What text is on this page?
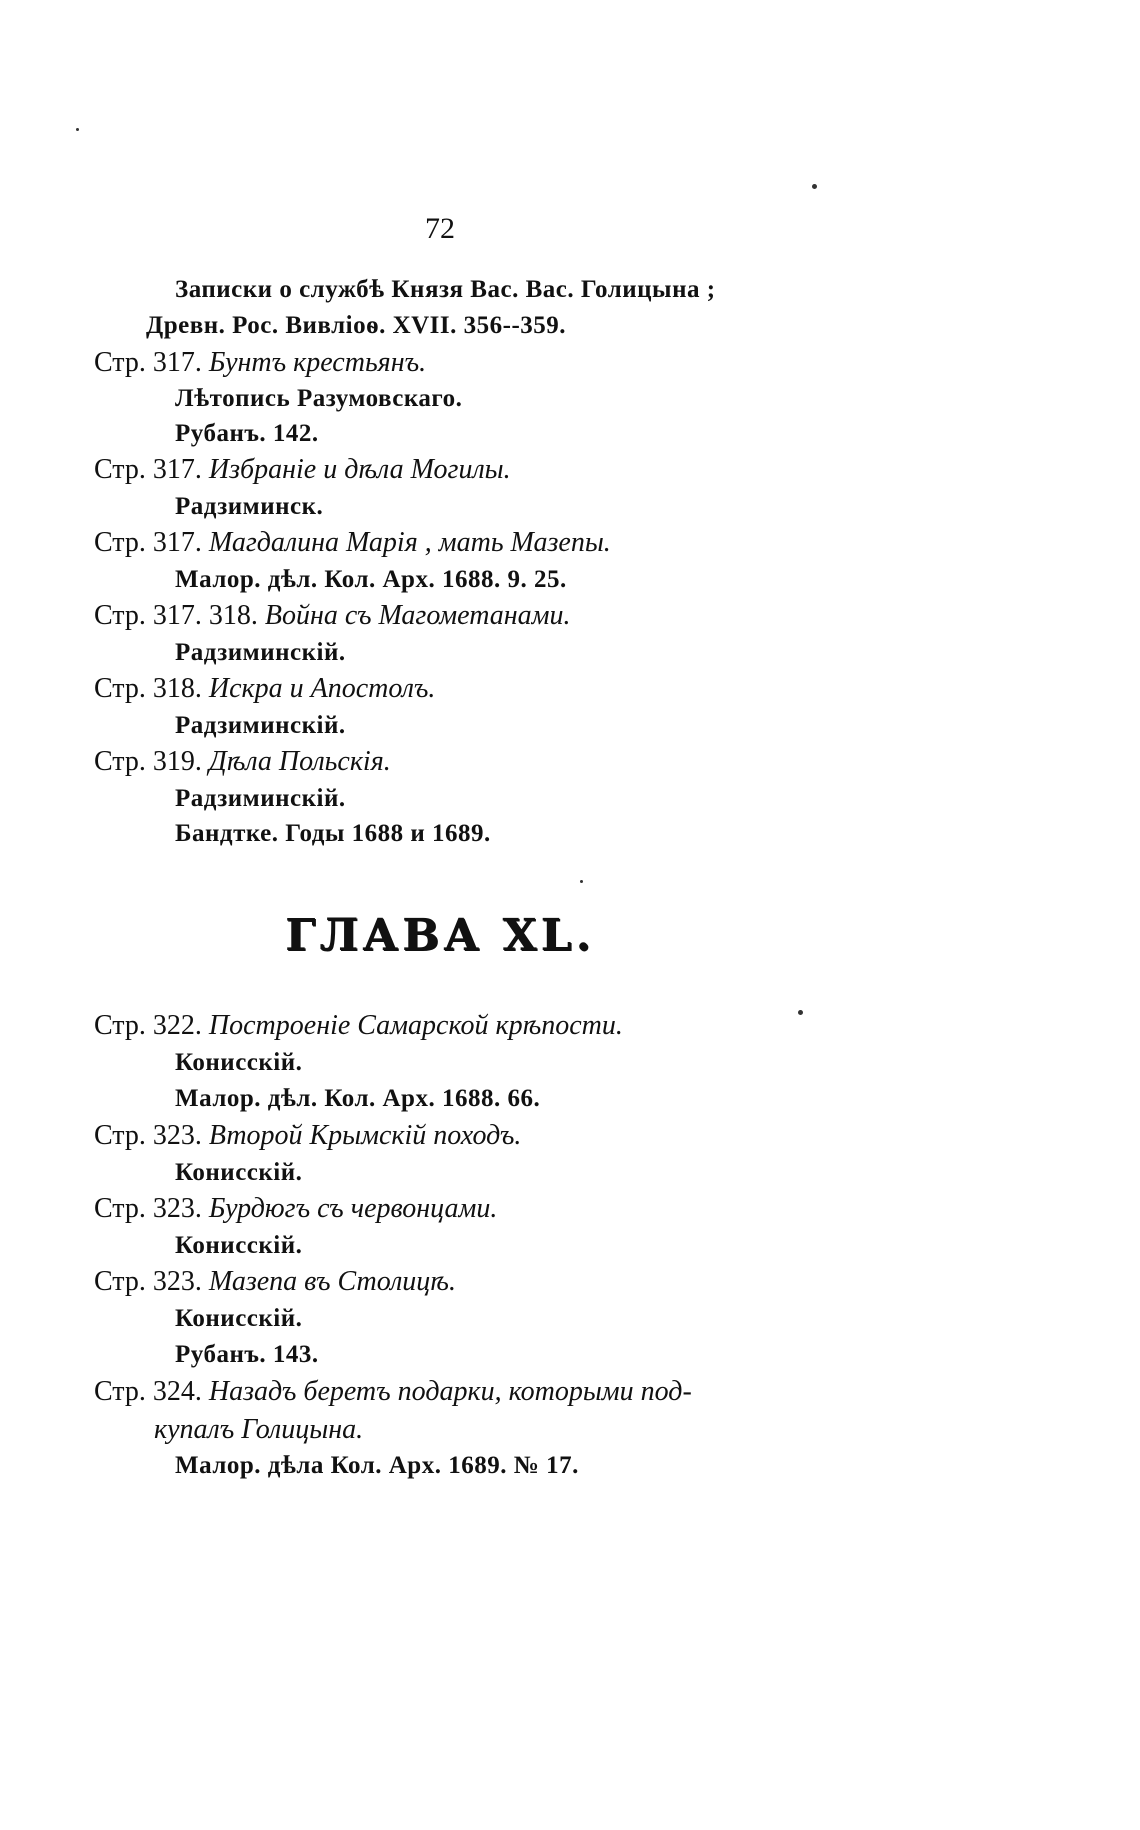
72
Записки о службѣ Князя Вас. Вас. Голицына ;
Древн. Рос. Вивліоѳ. XVII. 356--359.
Стр. 317. Бунтъ крестьянъ.
Лѣтопись Разумовскаго.
Рубанъ. 142.
Стр. 317. Избраніе и дѣла Могилы.
Радзиминск.
Стр. 317. Магдалина Марія , мать Мазепы.
Малор. дѣл. Кол. Арх. 1688. 9. 25.
Стр. 317. 318. Война съ Магометанами.
Радзиминскій.
Стр. 318. Искра и Апостолъ.
Радзиминскій.
Стр. 319. Дѣла Польскія.
Радзиминскій.
Бандтке. Годы 1688 и 1689.
ГЛАВА XL.
Стр. 322. Построеніе Самарской крѣпости.
Конисскій.
Малор. дѣл. Кол. Арх. 1688. 66.
Стр. 323. Второй Крымскій походъ.
Конисскій.
Стр. 323. Бурдюгъ съ червонцами.
Конисскій.
Стр. 323. Мазепа въ Столицѣ.
Конисскій.
Рубанъ. 143.
Стр. 324. Назадъ беретъ подарки, которыми под-
купалъ Голицына.
Малор. дѣла Кол. Арх. 1689. № 17.
